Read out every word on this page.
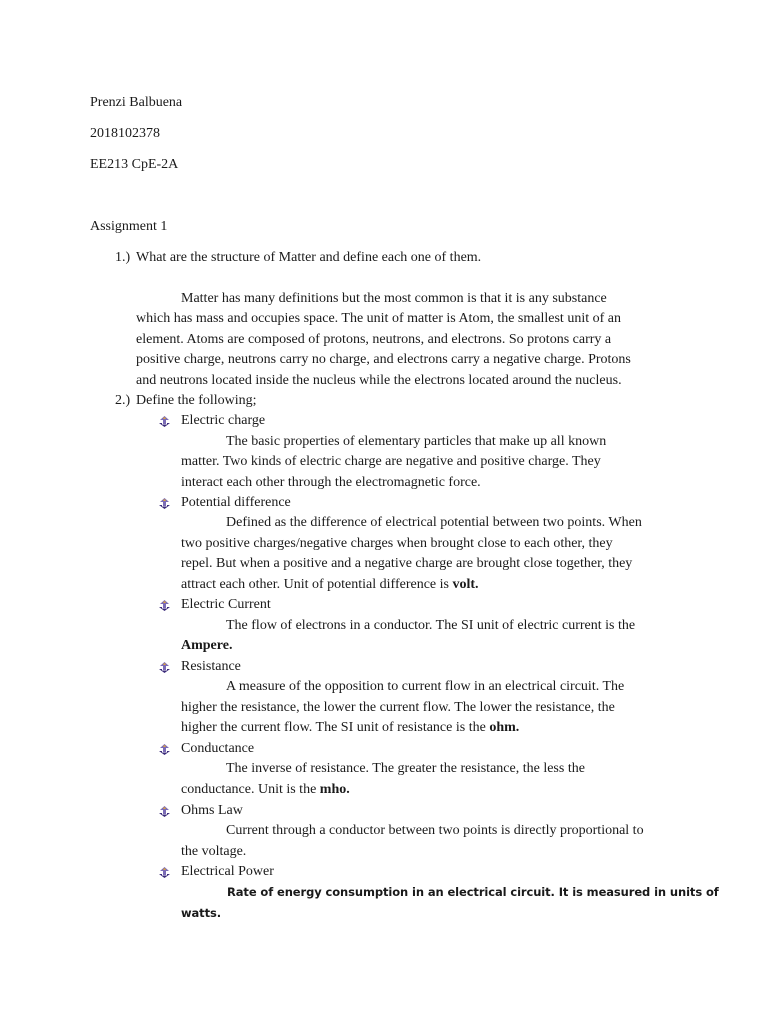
Prenzi Balbuena
2018102378
EE213 CpE-2A
Assignment 1
1.) What are the structure of Matter and define each one of them.
Matter has many definitions but the most common is that it is any substance
which has mass and occupies space. The unit of matter is Atom, the smallest unit of an
element. Atoms are composed of protons, neutrons, and electrons. So protons carry a
positive charge, neutrons carry no charge, and electrons carry a negative charge. Protons
and neutrons located inside the nucleus while the electrons located around the nucleus.
2.) Define the following;
Electric charge
The basic properties of elementary particles that make up all known
matter. Two kinds of electric charge are negative and positive charge. They
interact each other through the electromagnetic force.
Potential difference
Defined as the difference of electrical potential between two points. When
two positive charges/negative charges when brought close to each other, they
repel. But when a positive and a negative charge are brought close together, they
attract each other. Unit of potential difference is volt.
Electric Current
The flow of electrons in a conductor. The SI unit of electric current is the
Ampere.
Resistance
A measure of the opposition to current flow in an electrical circuit. The
higher the resistance, the lower the current flow. The lower the resistance, the
higher the current flow. The SI unit of resistance is the ohm.
Conductance
The inverse of resistance. The greater the resistance, the less the
conductance. Unit is the mho.
Ohms Law
Current through a conductor between two points is directly proportional to
the voltage.
Electrical Power
Rate of energy consumption in an electrical circuit. It is measured in units of
watts.
